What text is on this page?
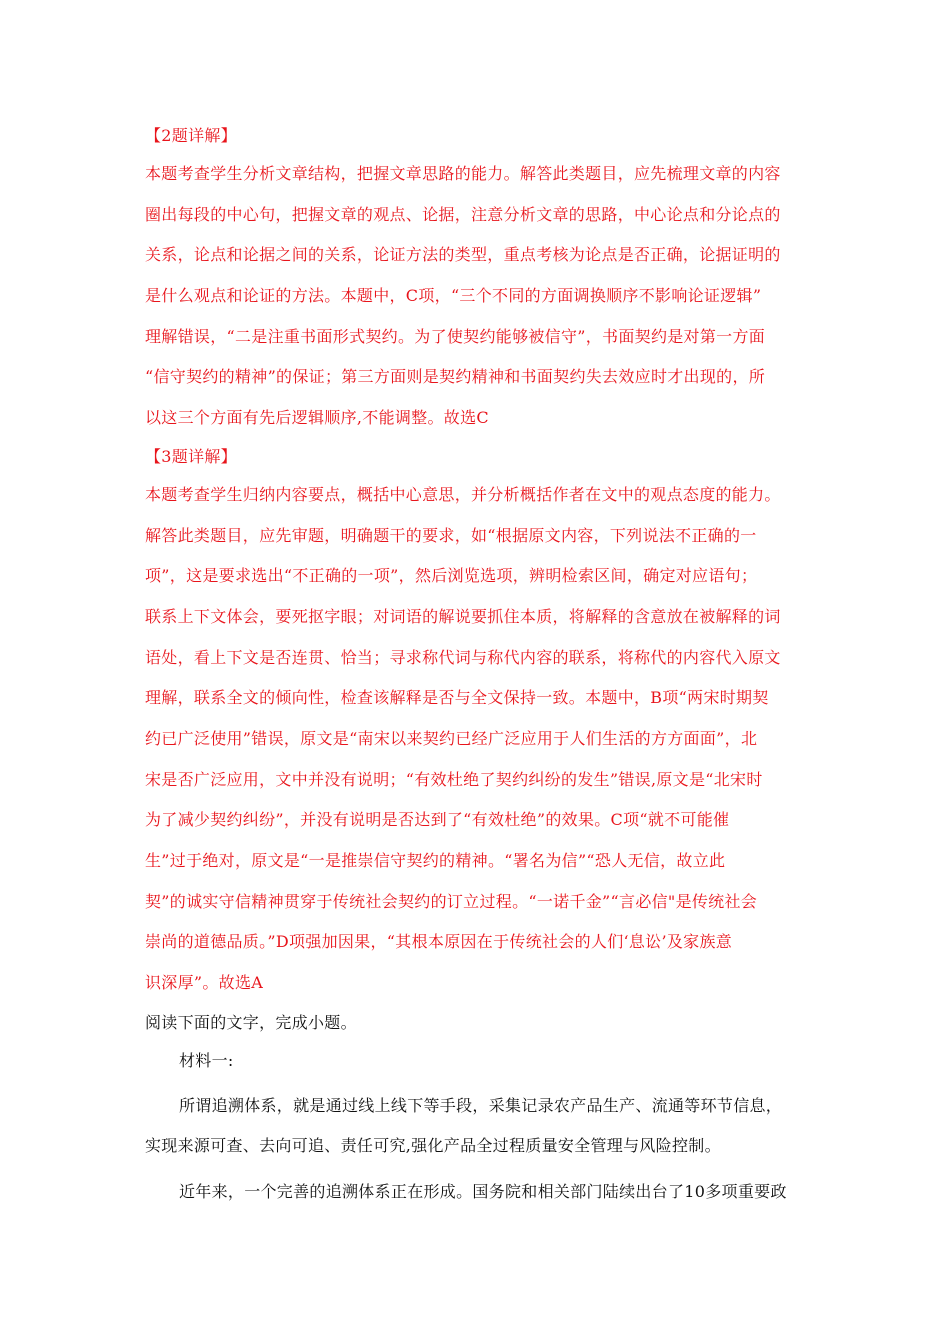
【2题详解】
本题考查学生分析文章结构，把握文章思路的能力。解答此类题目，应先梳理文章的内容
圈出每段的中心句，把握文章的观点、论据，注意分析文章的思路，中心论点和分论点的
关系，论点和论据之间的关系，论证方法的类型，重点考核为论点是否正确，论据证明的
是什么观点和论证的方法。本题中，C项，“三个不同的方面调换顺序不影响论证逻辑”
理解错误，“二是注重书面形式契约。为了使契约能够被信守”，书面契约是对第一方面
“信守契约的精神”的保证；第三方面则是契约精神和书面契约失去效应时才出现的，所
以这三个方面有先后逻辑顺序,不能调整。故选C
【3题详解】
本题考查学生归纳内容要点，概括中心意思，并分析概括作者在文中的观点态度的能力。
解答此类题目，应先审题，明确题干的要求，如“根据原文内容，下列说法不正确的一
项”，这是要求选出“不正确的一项”，然后浏览选项，辨明检索区间，确定对应语句；
联系上下文体会，要死抠字眼；对词语的解说要抓住本质，将解释的含意放在被解释的词
语处，看上下文是否连贯、恰当；寻求称代词与称代内容的联系，将称代的内容代入原文
理解，联系全文的倾向性，检查该解释是否与全文保持一致。本题中，B项“两宋时期契
约已广泛使用”错误，原文是“南宋以来契约已经广泛应用于人们生活的方方面面”，北
宋是否广泛应用，文中并没有说明；“有效杜绝了契约纠纷的发生”错误,原文是“北宋时
为了减少契约纠纷”，并没有说明是否达到了“有效杜绝”的效果。C项“就不可能催
生”过于绝对，原文是“一是推崇信守契约的精神。“署名为信”“恐人无信，故立此
契”的诚实守信精神贯穿于传统社会契约的订立过程。“一诺千金”“言必信"是传统社会
崇尚的道德品质。”D项强加因果，“其根本原因在于传统社会的人们‘息讼’及家族意
识深厚”。故选A
阅读下面的文字，完成小题。
材料一:
所谓追溯体系，就是通过线上线下等手段，采集记录农产品生产、流通等环节信息，
实现来源可查、去向可追、责任可究,强化产品全过程质量安全管理与风险控制。
近年来，一个完善的追溯体系正在形成。国务院和相关部门陆续出台了10多项重要政
